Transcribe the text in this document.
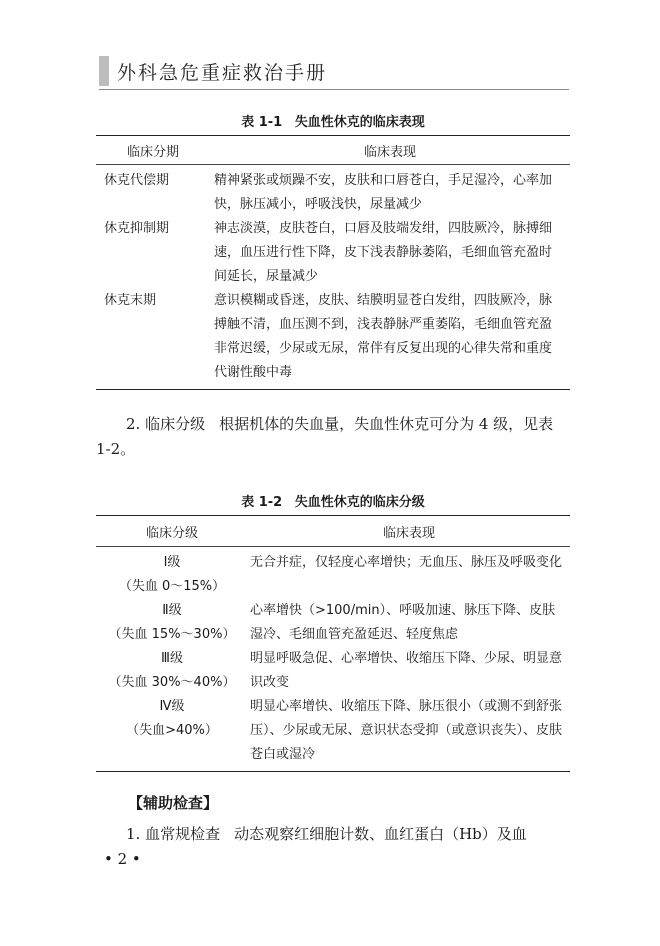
外科急危重症救治手册
表 1-1 失血性休克的临床表现
临床分期	临床表现
休克代偿期	精神紧张或烦躁不安，皮肤和口唇苍白，手足湿冷，心率加快，脉压减小，呼吸浅快，尿量减少
休克抑制期	神志淡漠，皮肤苍白，口唇及肢端发绀，四肢厥冷，脉搏细速，血压进行性下降，皮下浅表静脉萎陷，毛细血管充盈时间延长，尿量减少
休克末期	意识模糊或昏迷，皮肤、结膜明显苍白发绀，四肢厥冷，脉搏触不清，血压测不到，浅表静脉严重萎陷，毛细血管充盈非常迟缓，少尿或无尿，常伴有反复出现的心律失常和重度代谢性酸中毒
2. 临床分级 根据机体的失血量，失血性休克可分为 4 级，见表 1-2。
表 1-2 失血性休克的临床分级
临床分级	临床表现

Ⅰ级
（失血 0～15%）	无合并症，仅轻度心率增快；无血压、脉压及呼吸变化

Ⅱ级
（失血 15%～30%）	心率增快（>100/min）、呼吸加速、脉压下降、皮肤湿冷、毛细血管充盈延迟、轻度焦虑

Ⅲ级
（失血 30%～40%）	明显呼吸急促、心率增快、收缩压下降、少尿、明显意识改变

Ⅳ级
（失血>40%）	明显心率增快、收缩压下降、脉压很小（或测不到舒张压）、少尿或无尿、意识状态受抑（或意识丧失）、皮肤苍白或湿冷
【辅助检查】
1. 血常规检查 动态观察红细胞计数、血红蛋白（Hb）及血
• 2 •
